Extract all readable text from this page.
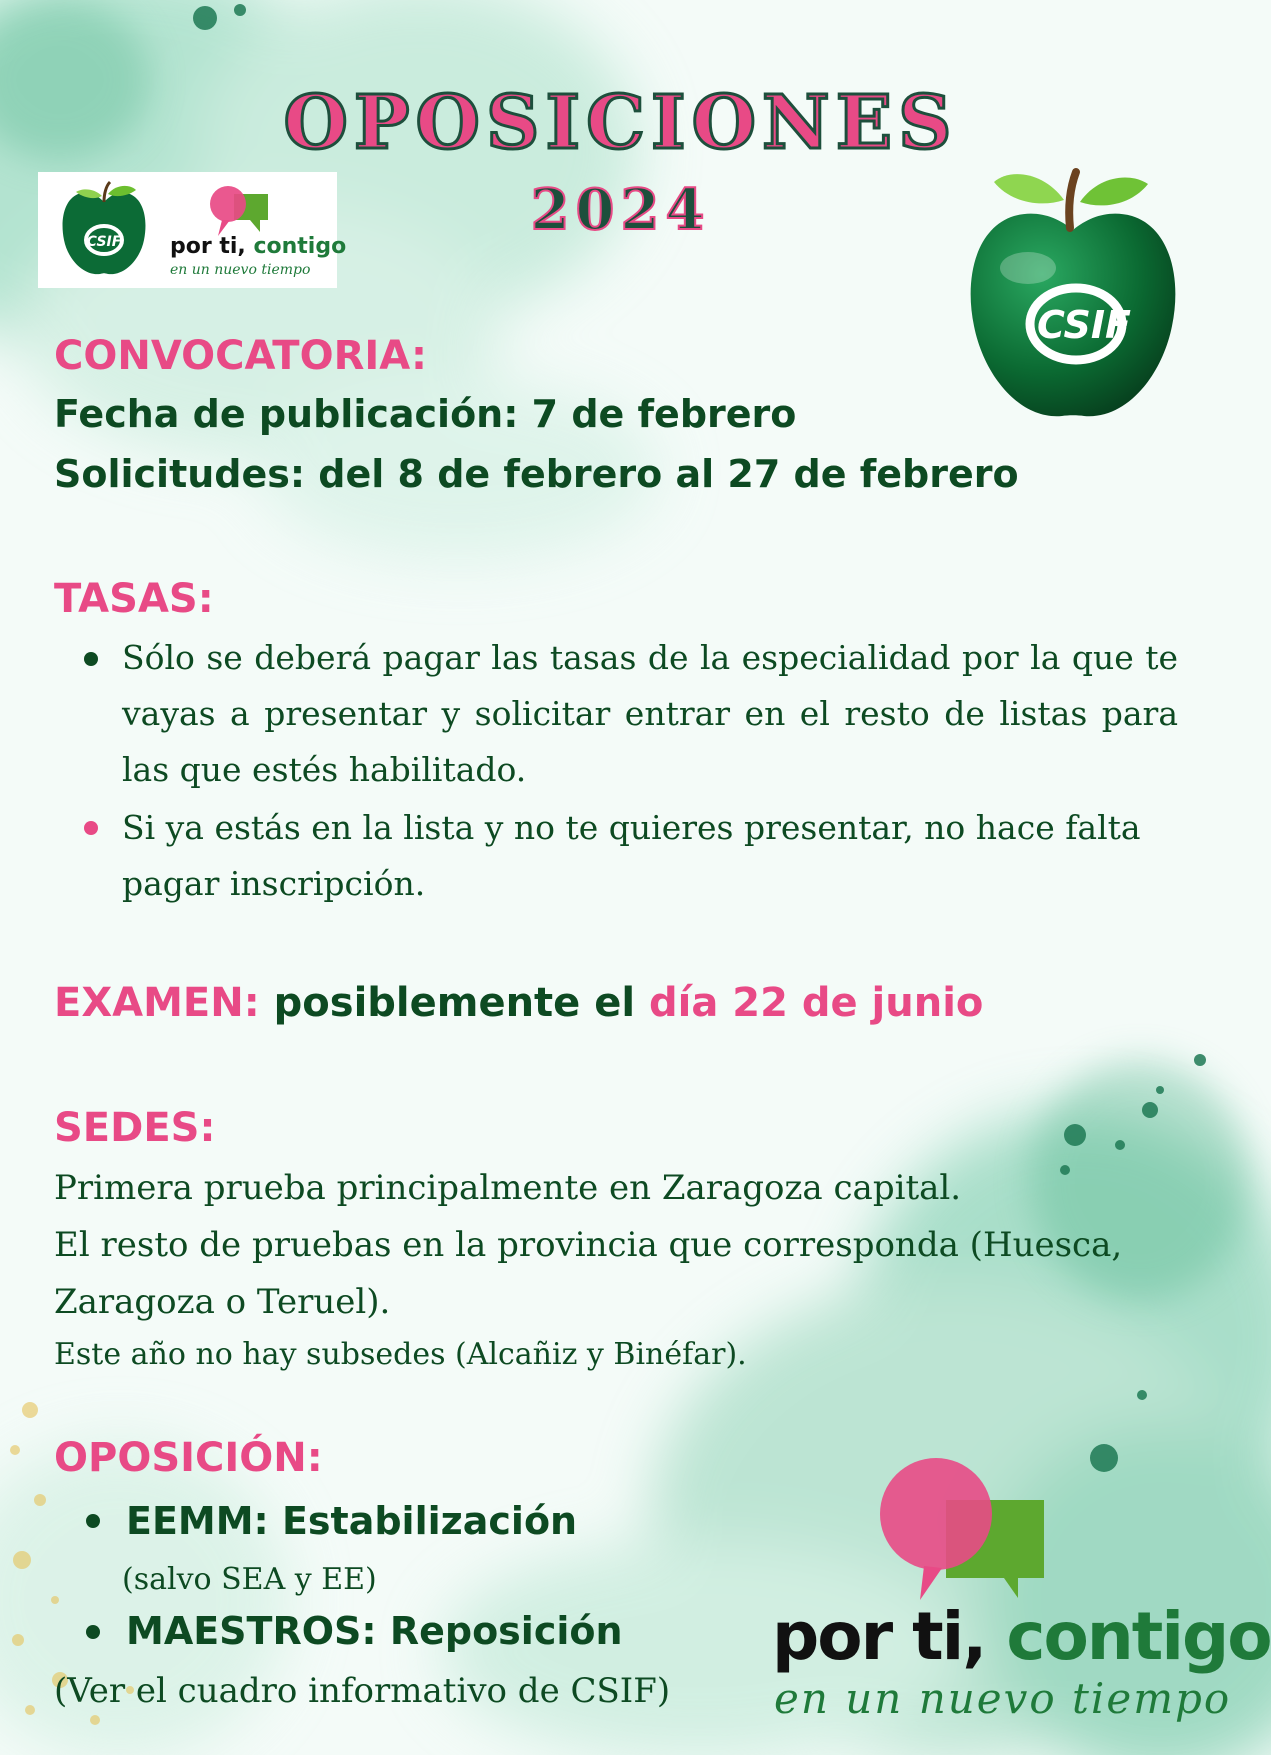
OPOSICIONES
2024
CSIF por ti, contigo
en un nuevo tiempo
CSIF
CONVOCATORIA:
Fecha de publicación: 7 de febrero
Solicitudes: del 8 de febrero al 27 de febrero
TASAS:
Sólo se deberá pagar las tasas de la especialidad por la que te vayas a presentar y solicitar entrar en el resto de listas para las que estés habilitado.
Si ya estás en la lista y no te quieres presentar, no hace falta pagar inscripción.
EXAMEN: posiblemente el día 22 de junio
SEDES:
Primera prueba principalmente en Zaragoza capital.
El resto de pruebas en la provincia que corresponda (Huesca,
Zaragoza o Teruel).
Este año no hay subsedes (Alcañiz y Binéfar).
OPOSICIÓN:
EEMM: Estabilización
(salvo SEA y EE)
MAESTROS: Reposición
(Ver el cuadro informativo de CSIF)
por ti, contigo
en un nuevo tiempo
